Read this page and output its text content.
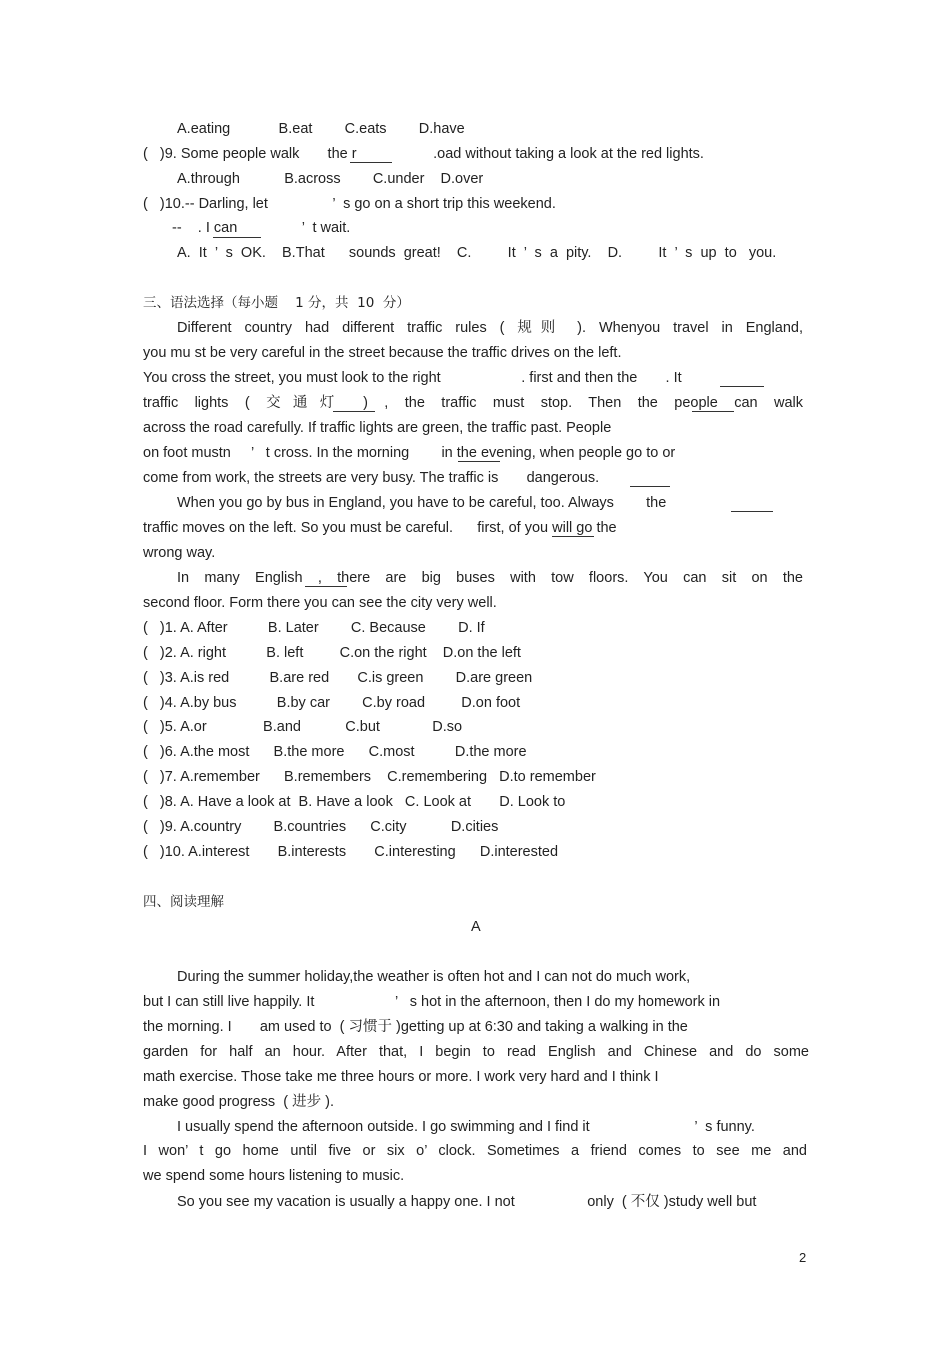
A.eating            B.eat        C.eats        D.have
(   )9. Some people walk       the r                   .oad without taking a look at the red lights.
A.through           B.across        C.under    D.over
(   )10.-- Darling, let                ’  s go on a short trip this weekend.
--    . I can                ’  t wait.
A.  It  ’  s  OK.    B.That      sounds  great!    C.         It  ’  s  a  pity.    D.         It  ’  s  up  to   you.
三、语法选择（每小题    1 分，共  10  分）
Different country had different traffic rules ( 规则 ). Whenyou travel in England,
you mu st be very careful in the street because the traffic drives on the left.
You cross the street, you must look to the right                    . first and then the       . It
traffic lights ( 交通灯 ) , the traffic must stop. Then the people can walk
across the road carefully. If traffic lights are green, the traffic past. People
on foot mustn     ’   t cross. In the morning        in the evening, when people go to or
come from work, the streets are very busy. The traffic is       dangerous.
When you go by bus in England, you have to be careful, too. Always        the
traffic moves on the left. So you must be careful.      first, of you will go the
wrong way.
In many English , there are big buses with tow floors. You can sit on the
second floor. Form there you can see the city very well.
(   )1. A. After          B. Later        C. Because        D. If
(   )2. A. right          B. left         C.on the right    D.on the left
(   )3. A.is red          B.are red       C.is green        D.are green
(   )4. A.by bus          B.by car        C.by road         D.on foot
(   )5. A.or              B.and           C.but             D.so
(   )6. A.the most      B.the more      C.most          D.the more
(   )7. A.remember      B.remembers    C.remembering   D.to remember
(   )8. A. Have a look at  B. Have a look   C. Look at       D. Look to
(   )9. A.country        B.countries      C.city           D.cities
(   )10. A.interest       B.interests       C.interesting      D.interested
四、阅读理解
A
During the summer holiday,the weather is often hot and I can not do much work,
but I can still live happily. It                    ’   s hot in the afternoon, then I do my homework in
the morning. I       am used to  ( 习惯于 )getting up at 6:30 and taking a walking in the
garden for half an hour. After that, I begin to read English and Chinese and do some
math exercise. Those take me three hours or more. I work very hard and I think I
make good progress  ( 进步 ).
I usually spend the afternoon outside. I go swimming and I find it                          ’  s funny.
I won’ t go home until five or six o’ clock. Sometimes a friend comes to see me and
we spend some hours listening to music.
So you see my vacation is usually a happy one. I not                  only  ( 不仅 )study well but
2
